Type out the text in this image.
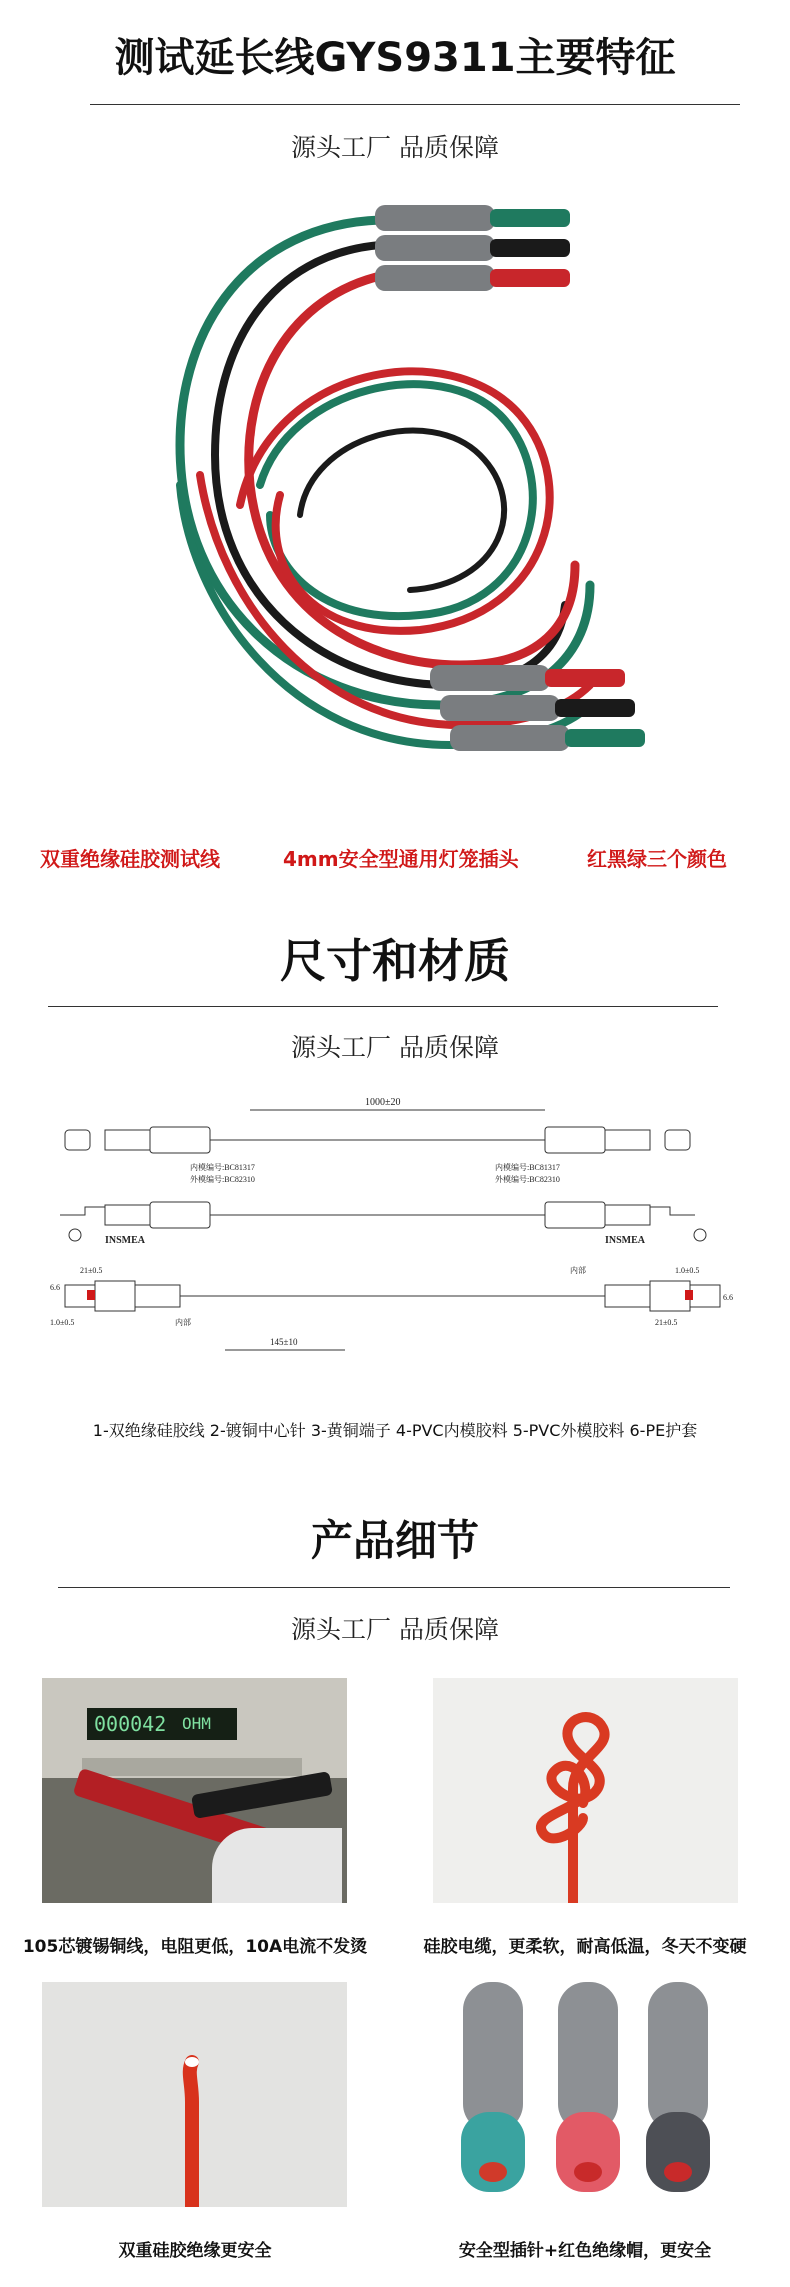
测试延长线GYS9311主要特征
源头工厂 品质保障
双重绝缘硅胶测试线	4mm安全型通用灯笼插头	红黑绿三个颜色
尺寸和材质
源头工厂 品质保障
1000±20
内模编号:BC81317
外模编号:BC82310
内模编号:BC81317
外模编号:BC82310
INSMEA	INSMEA
1.0±0.5
21±0.5
6.6
1.0±0.5
21±0.5
6.6
内部
内部
145±10
1-双绝缘硅胶线 2-镀铜中心针 3-黄铜端子 4-PVC内模胶料 5-PVC外模胶料 6-PE护套
产品细节
源头工厂 品质保障
000042 OHM
105芯镀锡铜线，电阻更低，10A电流不发烫	硅胶电缆，更柔软，耐高低温，冬天不变硬
双重硅胶绝缘更安全	安全型插针+红色绝缘帽，更安全
